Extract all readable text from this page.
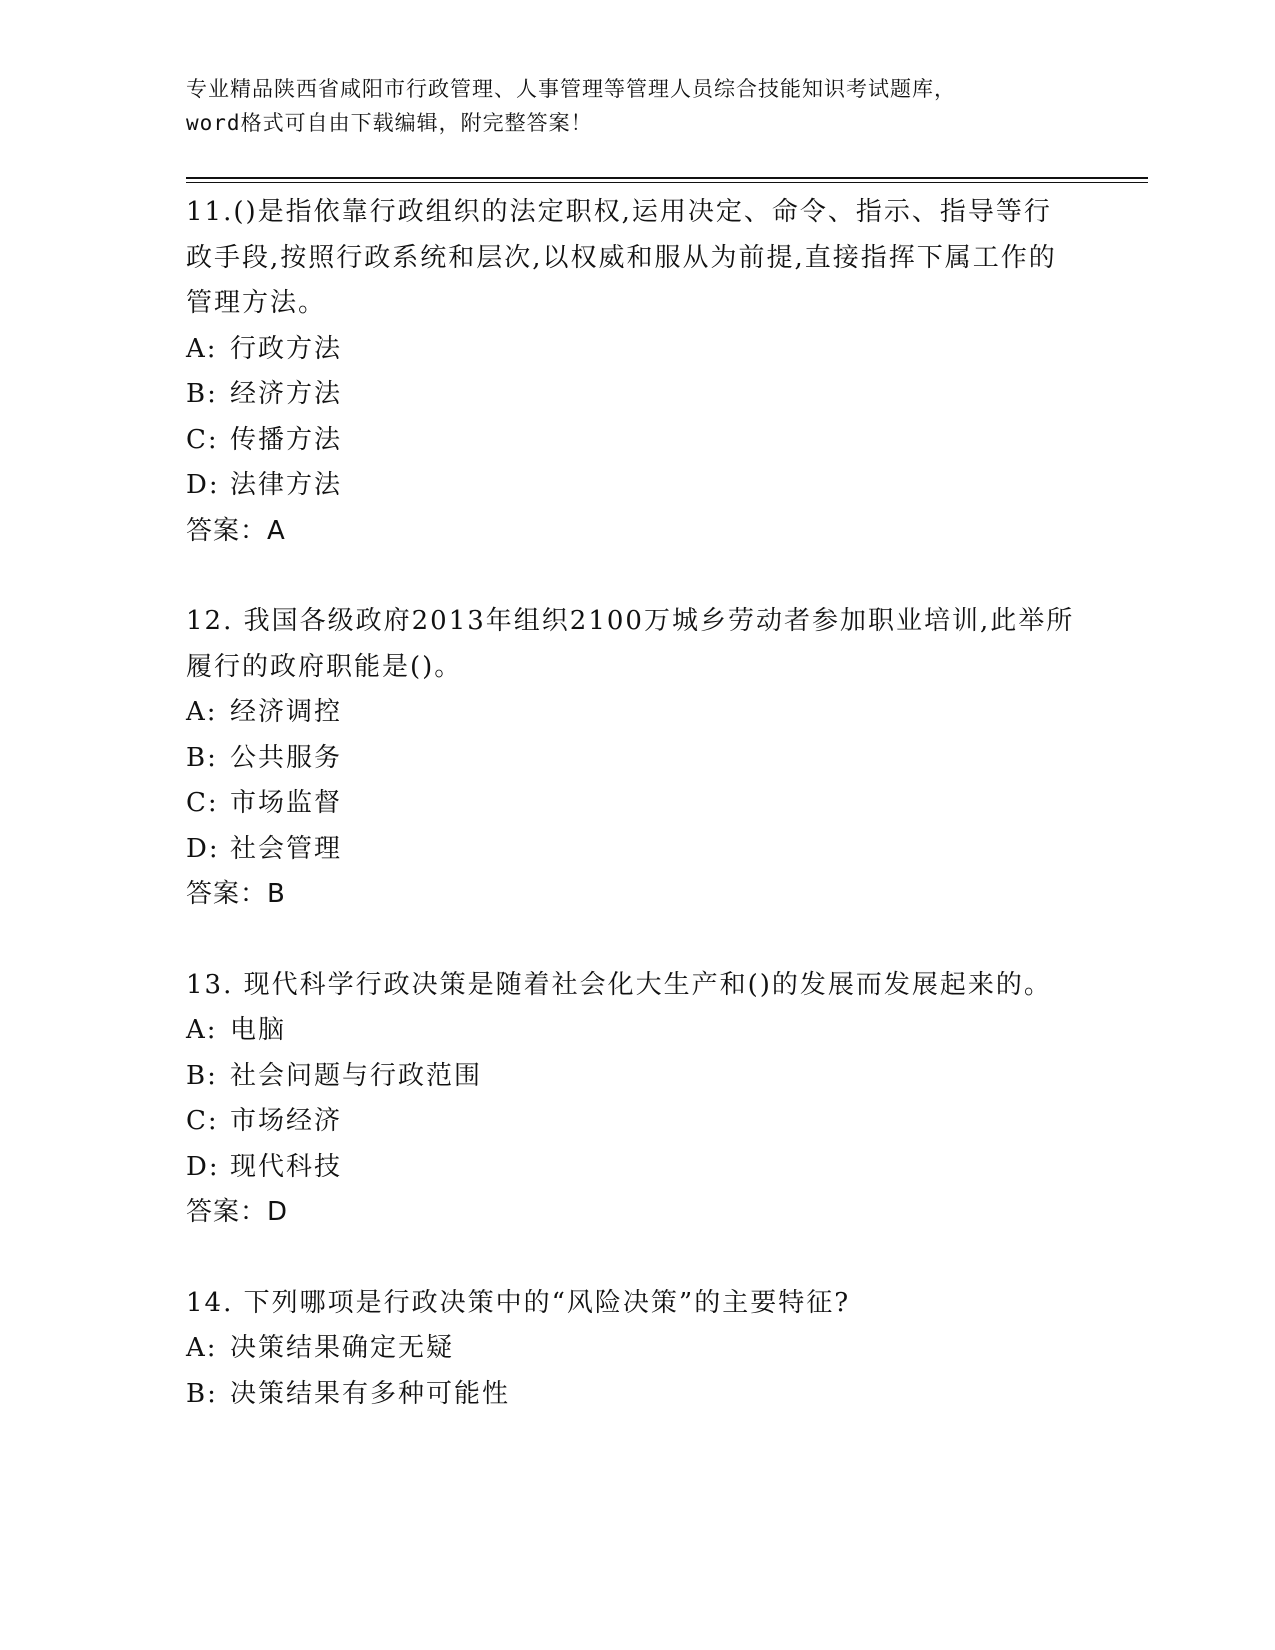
专业精品陕西省咸阳市行政管理、人事管理等管理人员综合技能知识考试题库，
word格式可自由下载编辑，附完整答案！
11.()是指依靠行政组织的法定职权,运用决定、命令、指示、指导等行政手段,按照行政系统和层次,以权威和服从为前提,直接指挥下属工作的管理方法。
A: 行政方法
B: 经济方法
C: 传播方法
D: 法律方法
答案：A
12. 我国各级政府2013年组织2100万城乡劳动者参加职业培训,此举所履行的政府职能是()。
A: 经济调控
B: 公共服务
C: 市场监督
D: 社会管理
答案：B
13. 现代科学行政决策是随着社会化大生产和()的发展而发展起来的。
A: 电脑
B: 社会问题与行政范围
C: 市场经济
D: 现代科技
答案：D
14. 下列哪项是行政决策中的“风险决策”的主要特征?
A: 决策结果确定无疑
B: 决策结果有多种可能性
